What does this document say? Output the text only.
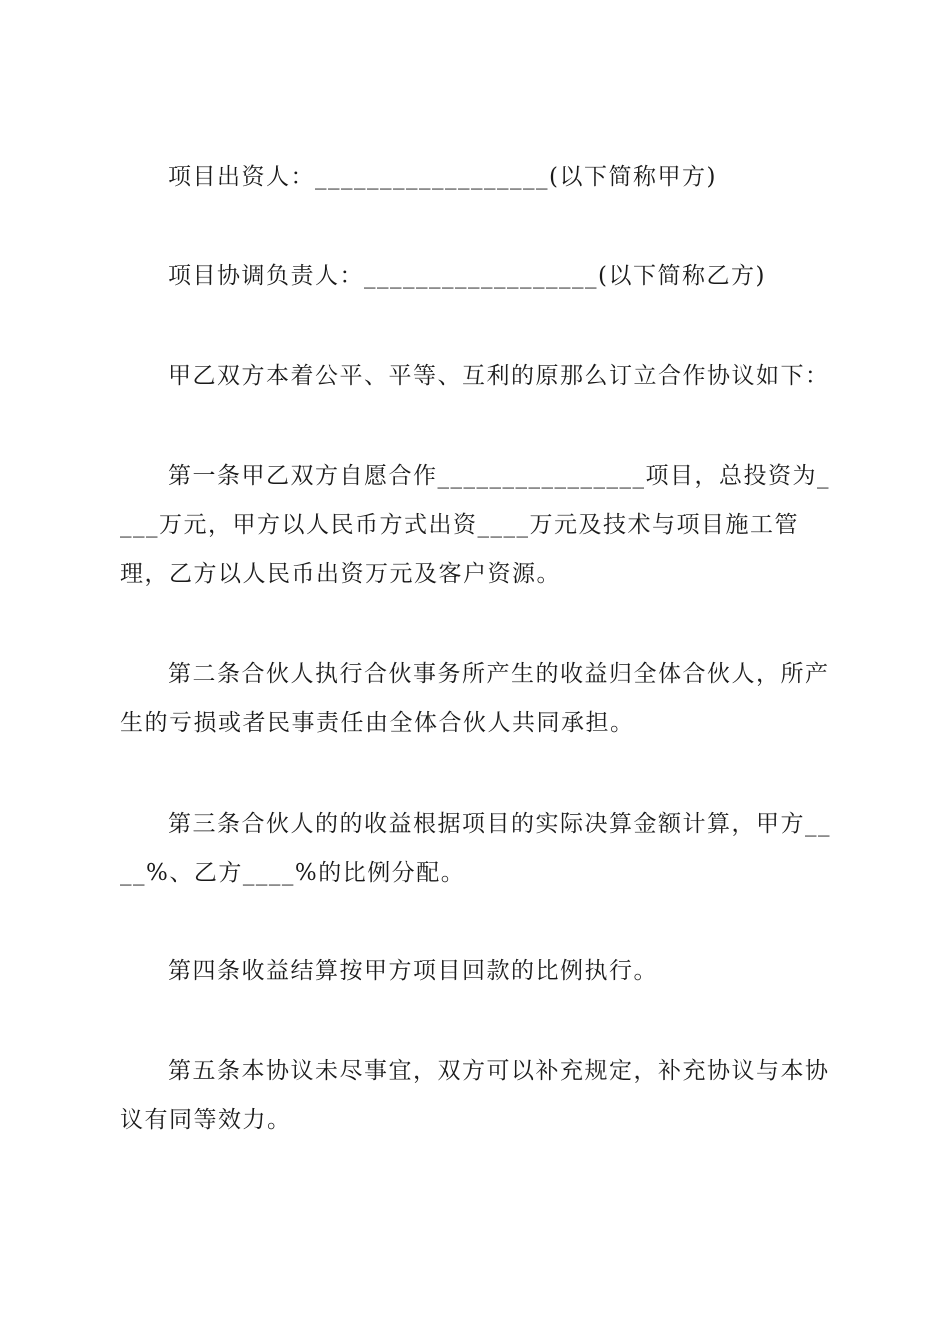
项目出资人：__________________(以下简称甲方)

项目协调负责人：__________________(以下简称乙方)

甲乙双方本着公平、平等、互利的原那么订立合作协议如下：

第一条甲乙双方自愿合作________________项目，总投资为____万元，甲方以人民币方式出资____万元及技术与项目施工管理，乙方以人民币出资万元及客户资源。

第二条合伙人执行合伙事务所产生的收益归全体合伙人，所产生的亏损或者民事责任由全体合伙人共同承担。

第三条合伙人的的收益根据项目的实际决算金额计算，甲方____%、乙方____%的比例分配。

第四条收益结算按甲方项目回款的比例执行。

第五条本协议未尽事宜，双方可以补充规定，补充协议与本协议有同等效力。
